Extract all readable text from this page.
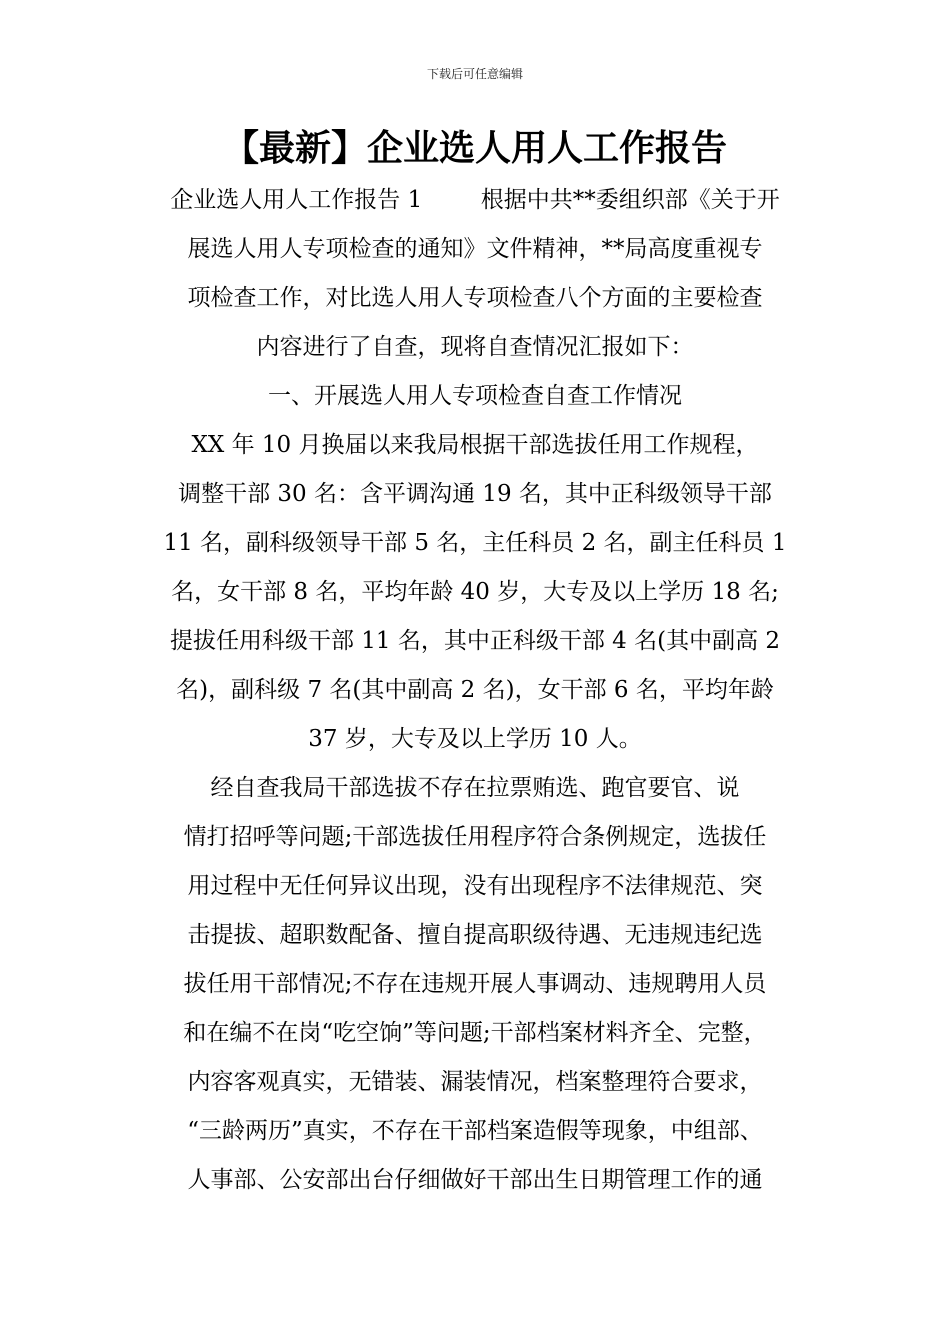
下载后可任意编辑
【最新】企业选人用人工作报告
企业选人用人工作报告 1        根据中共**委组织部《关于开
展选人用人专项检查的通知》文件精神，**局高度重视专
项检查工作，对比选人用人专项检查八个方面的主要检查
内容进行了自查，现将自查情况汇报如下：
一、开展选人用人专项检查自查工作情况
XX 年 10 月换届以来我局根据干部选拔任用工作规程，
调整干部 30 名：含平调沟通 19 名，其中正科级领导干部
11 名，副科级领导干部 5 名，主任科员 2 名，副主任科员 1
名，女干部 8 名，平均年龄 40 岁，大专及以上学历 18 名;
提拔任用科级干部 11 名，其中正科级干部 4 名(其中副高 2
名)，副科级 7 名(其中副高 2 名)，女干部 6 名，平均年龄
37 岁，大专及以上学历 10 人。
经自查我局干部选拔不存在拉票贿选、跑官要官、说
情打招呼等问题;干部选拔任用程序符合条例规定，选拔任
用过程中无任何异议出现，没有出现程序不法律规范、突
击提拔、超职数配备、擅自提高职级待遇、无违规违纪选
拔任用干部情况;不存在违规开展人事调动、违规聘用人员
和在编不在岗“吃空饷”等问题;干部档案材料齐全、完整，
内容客观真实，无错装、漏装情况，档案整理符合要求，
“三龄两历”真实，不存在干部档案造假等现象，中组部、
人事部、公安部出台仔细做好干部出生日期管理工作的通
